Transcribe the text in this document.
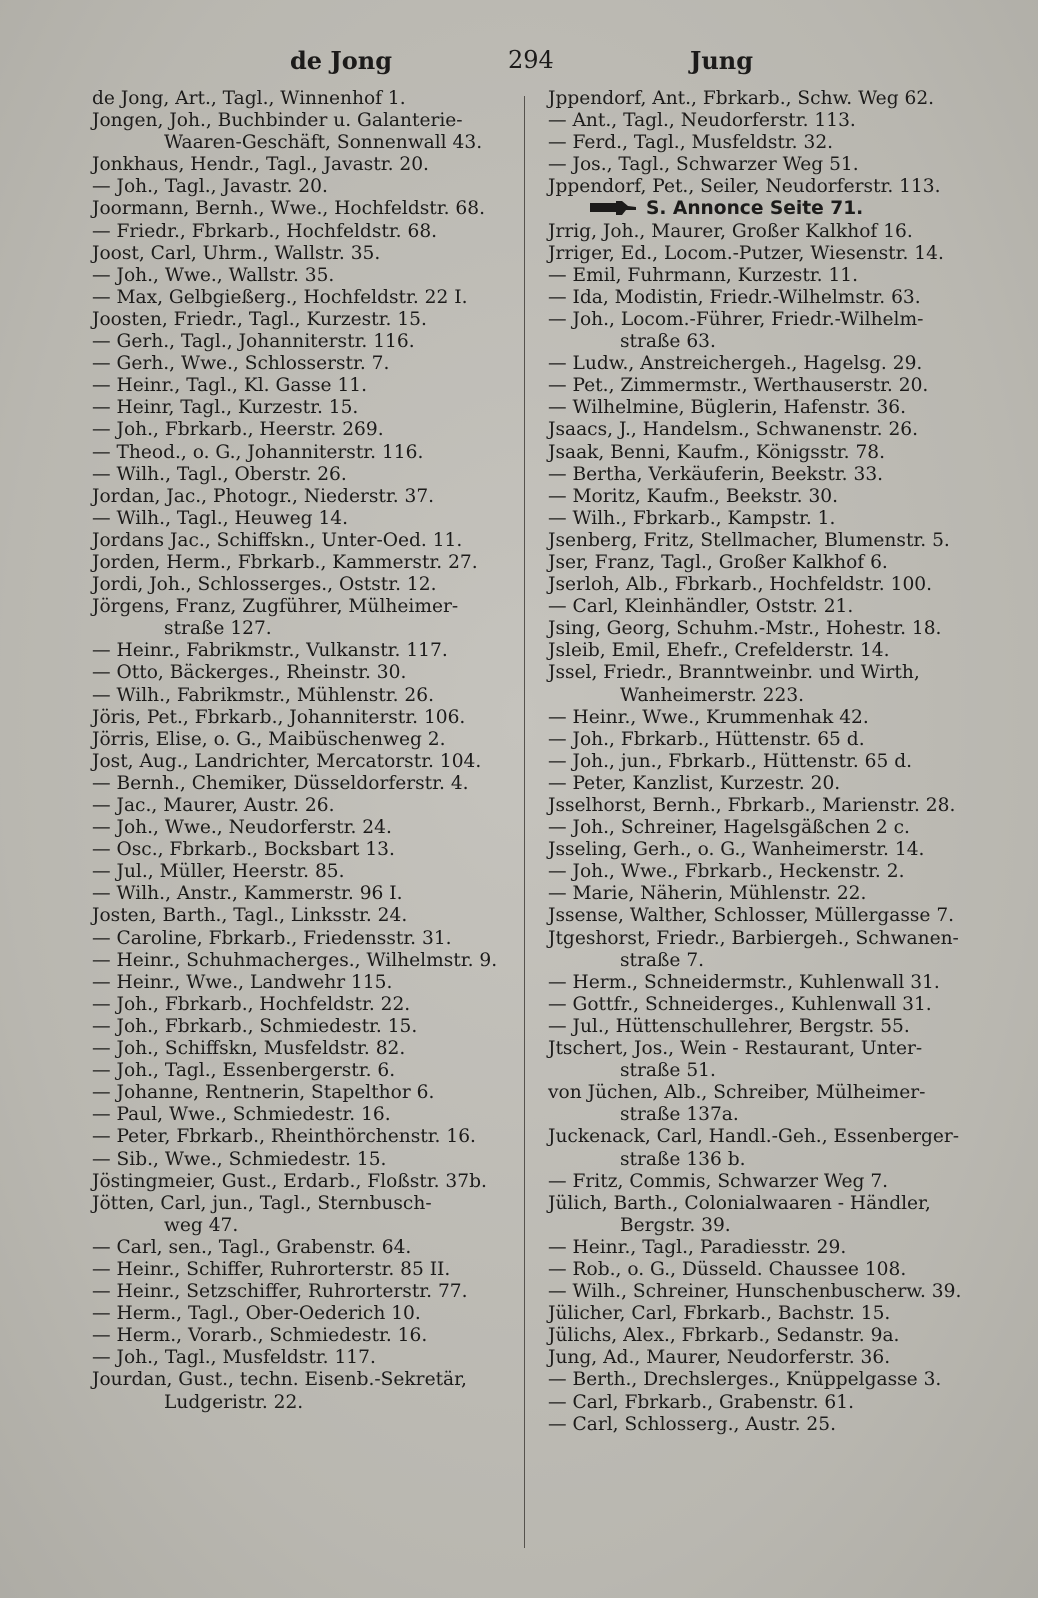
de Jong	294	Jung
de Jong, Art., Tagl., Winnenhof 1.
Jongen, Joh., Buchbinder u. Galanterie-
Waaren-Geschäft, Sonnenwall 43.
Jonkhaus, Hendr., Tagl., Javastr. 20.
— Joh., Tagl., Javastr. 20.
Joormann, Bernh., Wwe., Hochfeldstr. 68.
— Friedr., Fbrkarb., Hochfeldstr. 68.
Joost, Carl, Uhrm., Wallstr. 35.
— Joh., Wwe., Wallstr. 35.
— Max, Gelbgießerg., Hochfeldstr. 22 I.
Joosten, Friedr., Tagl., Kurzestr. 15.
— Gerh., Tagl., Johanniterstr. 116.
— Gerh., Wwe., Schlosserstr. 7.
— Heinr., Tagl., Kl. Gasse 11.
— Heinr, Tagl., Kurzestr. 15.
— Joh., Fbrkarb., Heerstr. 269.
— Theod., o. G., Johanniterstr. 116.
— Wilh., Tagl., Oberstr. 26.
Jordan, Jac., Photogr., Niederstr. 37.
— Wilh., Tagl., Heuweg 14.
Jordans Jac., Schiffskn., Unter-Oed. 11.
Jorden, Herm., Fbrkarb., Kammerstr. 27.
Jordi, Joh., Schlosserges., Oststr. 12.
Jörgens, Franz, Zugführer, Mülheimer-
straße 127.
— Heinr., Fabrikmstr., Vulkanstr. 117.
— Otto, Bäckerges., Rheinstr. 30.
— Wilh., Fabrikmstr., Mühlenstr. 26.
Jöris, Pet., Fbrkarb., Johanniterstr. 106.
Jörris, Elise, o. G., Maibüschenweg 2.
Jost, Aug., Landrichter, Mercatorstr. 104.
— Bernh., Chemiker, Düsseldorferstr. 4.
— Jac., Maurer, Austr. 26.
— Joh., Wwe., Neudorferstr. 24.
— Osc., Fbrkarb., Bocksbart 13.
— Jul., Müller, Heerstr. 85.
— Wilh., Anstr., Kammerstr. 96 I.
Josten, Barth., Tagl., Linksstr. 24.
— Caroline, Fbrkarb., Friedensstr. 31.
— Heinr., Schuhmacherges., Wilhelmstr. 9.
— Heinr., Wwe., Landwehr 115.
— Joh., Fbrkarb., Hochfeldstr. 22.
— Joh., Fbrkarb., Schmiedestr. 15.
— Joh., Schiffskn, Musfeldstr. 82.
— Joh., Tagl., Essenbergerstr. 6.
— Johanne, Rentnerin, Stapelthor 6.
— Paul, Wwe., Schmiedestr. 16.
— Peter, Fbrkarb., Rheinthörchenstr. 16.
— Sib., Wwe., Schmiedestr. 15.
Jöstingmeier, Gust., Erdarb., Floßstr. 37b.
Jötten, Carl, jun., Tagl., Sternbusch-
weg 47.
— Carl, sen., Tagl., Grabenstr. 64.
— Heinr., Schiffer, Ruhrorterstr. 85 II.
— Heinr., Setzschiffer, Ruhrorterstr. 77.
— Herm., Tagl., Ober-Oederich 10.
— Herm., Vorarb., Schmiedestr. 16.
— Joh., Tagl., Musfeldstr. 117.
Jourdan, Gust., techn. Eisenb.-Sekretär,
Ludgeristr. 22.
Jppendorf, Ant., Fbrkarb., Schw. Weg 62.
— Ant., Tagl., Neudorferstr. 113.
— Ferd., Tagl., Musfeldstr. 32.
— Jos., Tagl., Schwarzer Weg 51.
Jppendorf, Pet., Seiler, Neudorferstr. 113.
S. Annonce Seite 71.
Jrrig, Joh., Maurer, Großer Kalkhof 16.
Jrriger, Ed., Locom.-Putzer, Wiesenstr. 14.
— Emil, Fuhrmann, Kurzestr. 11.
— Ida, Modistin, Friedr.-Wilhelmstr. 63.
— Joh., Locom.-Führer, Friedr.-Wilhelm-
straße 63.
— Ludw., Anstreichergeh., Hagelsg. 29.
— Pet., Zimmermstr., Werthauserstr. 20.
— Wilhelmine, Büglerin, Hafenstr. 36.
Jsaacs, J., Handelsm., Schwanenstr. 26.
Jsaak, Benni, Kaufm., Königsstr. 78.
— Bertha, Verkäuferin, Beekstr. 33.
— Moritz, Kaufm., Beekstr. 30.
— Wilh., Fbrkarb., Kampstr. 1.
Jsenberg, Fritz, Stellmacher, Blumenstr. 5.
Jser, Franz, Tagl., Großer Kalkhof 6.
Jserloh, Alb., Fbrkarb., Hochfeldstr. 100.
— Carl, Kleinhändler, Oststr. 21.
Jsing, Georg, Schuhm.-Mstr., Hohestr. 18.
Jsleib, Emil, Ehefr., Crefelderstr. 14.
Jssel, Friedr., Branntweinbr. und Wirth,
Wanheimerstr. 223.
— Heinr., Wwe., Krummenhak 42.
— Joh., Fbrkarb., Hüttenstr. 65 d.
— Joh., jun., Fbrkarb., Hüttenstr. 65 d.
— Peter, Kanzlist, Kurzestr. 20.
Jsselhorst, Bernh., Fbrkarb., Marienstr. 28.
— Joh., Schreiner, Hagelsgäßchen 2 c.
Jsseling, Gerh., o. G., Wanheimerstr. 14.
— Joh., Wwe., Fbrkarb., Heckenstr. 2.
— Marie, Näherin, Mühlenstr. 22.
Jssense, Walther, Schlosser, Müllergasse 7.
Jtgeshorst, Friedr., Barbiergeh., Schwanen-
straße 7.
— Herm., Schneidermstr., Kuhlenwall 31.
— Gottfr., Schneiderges., Kuhlenwall 31.
— Jul., Hüttenschullehrer, Bergstr. 55.
Jtschert, Jos., Wein - Restaurant, Unter-
straße 51.
von Jüchen, Alb., Schreiber, Mülheimer-
straße 137a.
Juckenack, Carl, Handl.-Geh., Essenberger-
straße 136 b.
— Fritz, Commis, Schwarzer Weg 7.
Jülich, Barth., Colonialwaaren - Händler,
Bergstr. 39.
— Heinr., Tagl., Paradiesstr. 29.
— Rob., o. G., Düsseld. Chaussee 108.
— Wilh., Schreiner, Hunschenbuscherw. 39.
Jülicher, Carl, Fbrkarb., Bachstr. 15.
Jülichs, Alex., Fbrkarb., Sedanstr. 9a.
Jung, Ad., Maurer, Neudorferstr. 36.
— Berth., Drechslerges., Knüppelgasse 3.
— Carl, Fbrkarb., Grabenstr. 61.
— Carl, Schlosserg., Austr. 25.
